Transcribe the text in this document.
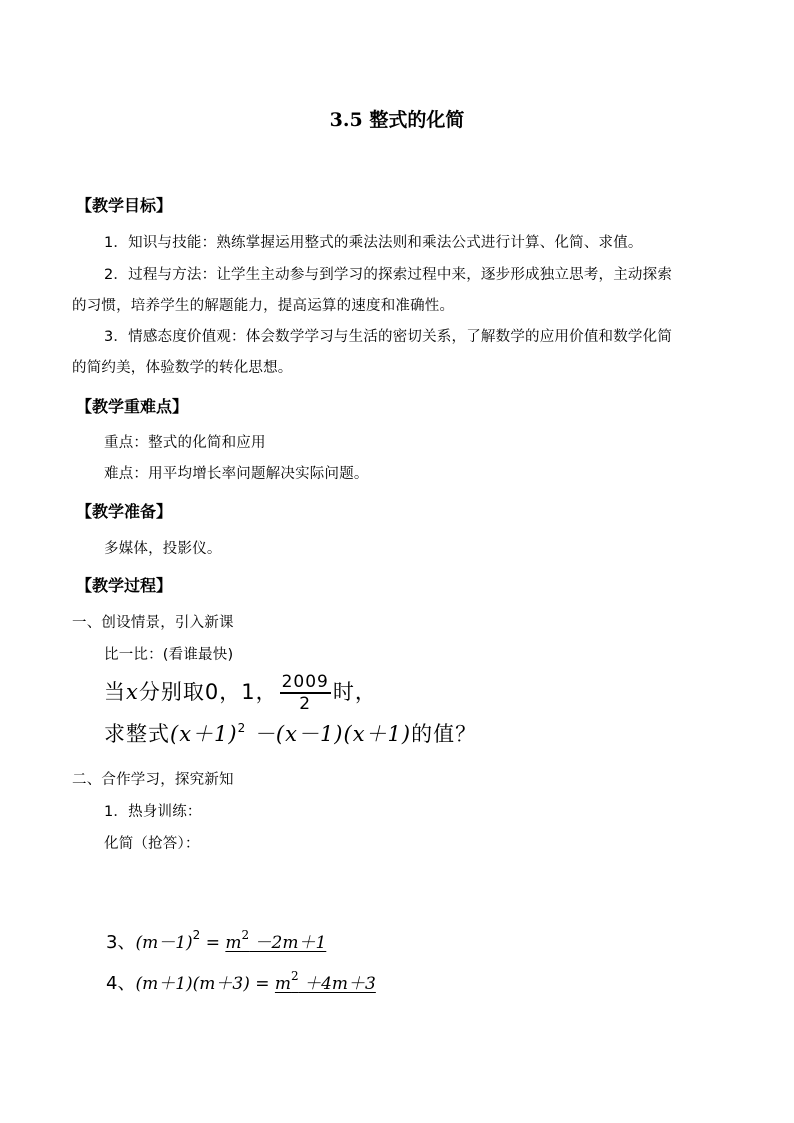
3.5 整式的化简
【教学目标】
1．知识与技能：熟练掌握运用整式的乘法法则和乘法公式进行计算、化简、求值。
2．过程与方法：让学生主动参与到学习的探索过程中来，逐步形成独立思考，主动探索
的习惯，培养学生的解题能力，提高运算的速度和准确性。
3．情感态度价值观：体会数学学习与生活的密切关系，了解数学的应用价值和数学化简
的简约美，体验数学的转化思想。
【教学重难点】
重点：整式的化简和应用
难点：用平均增长率问题解决实际问题。
【教学准备】
多媒体，投影仪。
【教学过程】
一、创设情景，引入新课
比一比：(看谁最快)
当x分别取0，1， $\frac{2009}{2}$ 时，
求整式$(x+1)^2 -(x-1)(x+1)$的值？
二、合作学习，探究新知
1．热身训练：
化简（抢答）：
3、$(m-1)^2 = m^2 -2m+1$
4、$(m+1)(m+3) = m^2 +4m+3$
